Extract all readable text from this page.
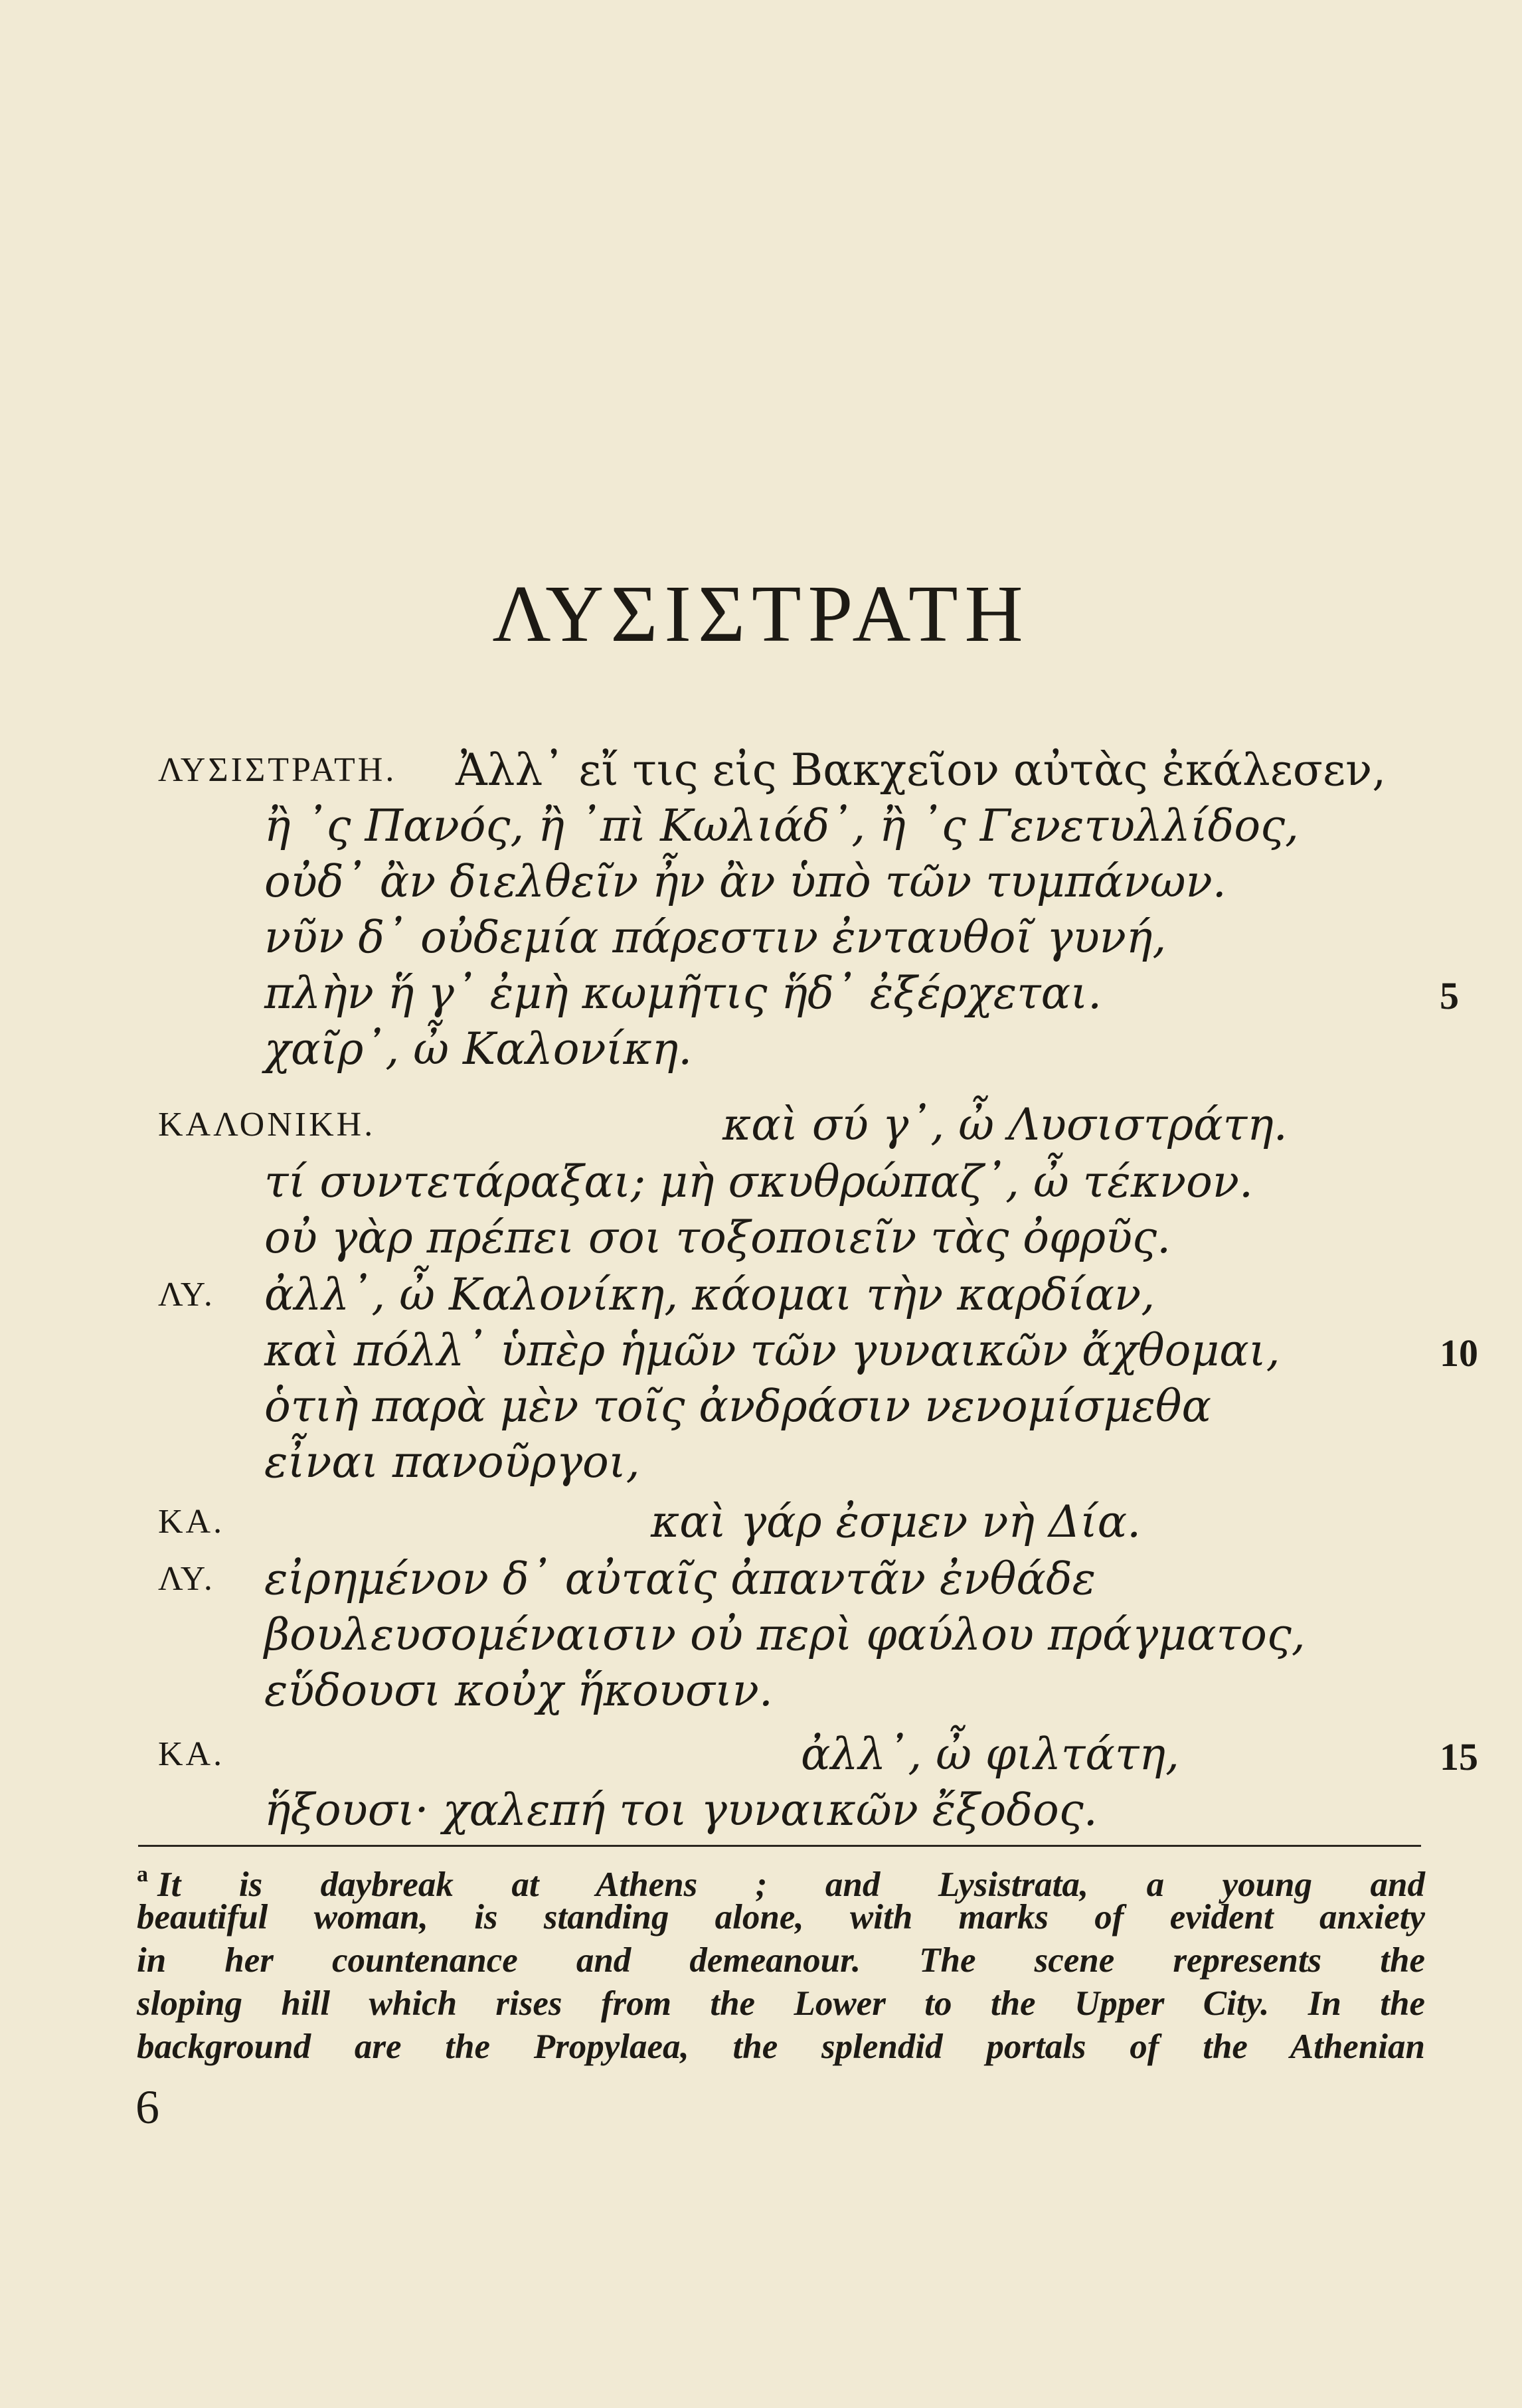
ΛΥΣΙΣΤΡΑΤΗ
ΛΥΣΙΣΤΡΑΤΗ. Ἀλλ᾽ εἴ τις εἰς Βακχεῖον αὐτὰς ἐκάλεσεν,
ἢ ᾽ς Πανός, ἢ ᾽πὶ Κωλιάδ᾽, ἢ ᾽ς Γενετυλλίδος,
οὐδ᾽ ἂν διελθεῖν ἦν ἂν ὑπὸ τῶν τυμπάνων.
νῦν δ᾽ οὐδεμία πάρεστιν ἐνταυθοῖ γυνή,
πλὴν ἥ γ᾽ ἐμὴ κωμῆτις ἥδ᾽ ἐξέρχεται.	5
χαῖρ᾽, ὦ Καλονίκη.
ΚΑΛΟΝΙΚΗ.	καὶ σύ γ᾽, ὦ Λυσιστράτη.
τί συντετάραξαι; μὴ σκυθρώπαζ᾽, ὦ τέκνον.
οὐ γὰρ πρέπει σοι τοξοποιεῖν τὰς ὀφρῦς.
ΛΥ. ἀλλ᾽, ὦ Καλονίκη, κάομαι τὴν καρδίαν,
καὶ πόλλ᾽ ὑπὲρ ἡμῶν τῶν γυναικῶν ἄχθομαι,	10
ὁτιὴ παρὰ μὲν τοῖς ἀνδράσιν νενομίσμεθα
εἶναι πανοῦργοι,
ΚΑ.	καὶ γάρ ἐσμεν νὴ Δία.
ΛΥ. εἰρημένον δ᾽ αὐταῖς ἀπαντᾶν ἐνθάδε
βουλευσομέναισιν οὐ περὶ φαύλου πράγματος,
εὕδουσι κοὐχ ἥκουσιν.
ΚΑ.	ἀλλ᾽, ὦ φιλτάτη,	15
ἥξουσι· χαλεπή τοι γυναικῶν ἔξοδος.
$^a$ It is daybreak at Athens ; and Lysistrata, a young and
beautiful woman, is standing alone, with marks of evident anxiety
in her countenance and demeanour. The scene represents the
sloping hill which rises from the Lower to the Upper City. In the
background are the Propylaea, the splendid portals of the Athenian
6
